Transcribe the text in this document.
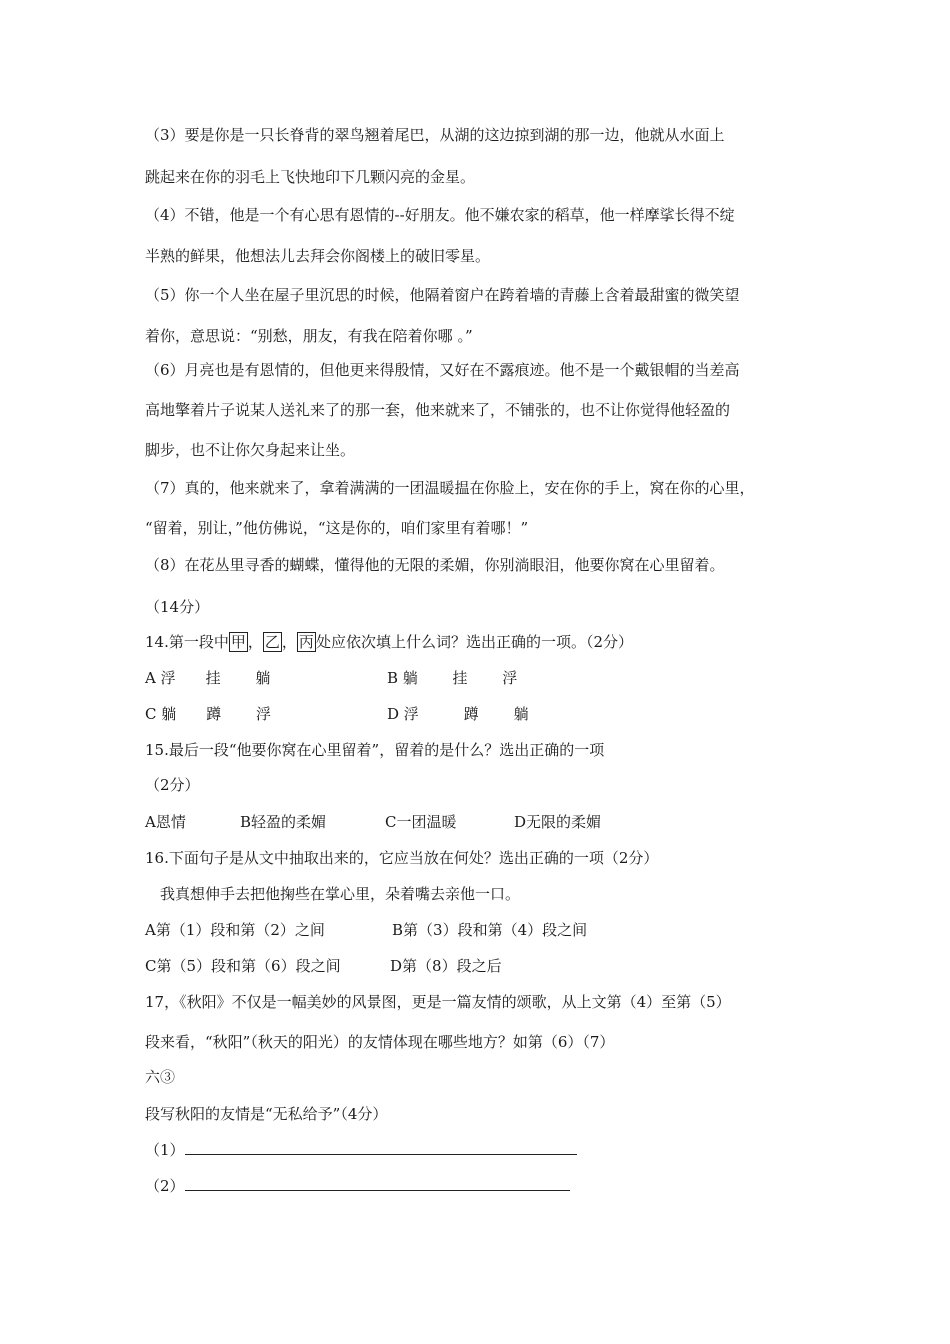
（3）要是你是一只长脊背的翠鸟翘着尾巴，从湖的这边掠到湖的那一边，他就从水面上
跳起来在你的羽毛上飞快地印下几颗闪亮的金星。
（4）不错，他是一个有心思有恩情的--好朋友。他不嫌农家的稻草，他一样摩挲长得不绽
半熟的鲜果，他想法儿去拜会你阁楼上的破旧零星。
（5）你一个人坐在屋子里沉思的时候，他隔着窗户在跨着墙的青藤上含着最甜蜜的微笑望
着你，意思说：“别愁，朋友，有我在陪着你哪 。”
（6）月亮也是有恩情的，但他更来得殷情，又好在不露痕迹。他不是一个戴银帽的当差高
高地擎着片子说某人送礼来了的那一套，他来就来了，不铺张的，也不让你觉得他轻盈的
脚步，也不让你欠身起来让坐。
（7）真的，他来就来了，拿着满满的一团温暖揾在你脸上，安在你的手上，窝在你的心里，
“留着，别让，”他仿佛说，“这是你的，咱们家里有着哪！”
（8）在花丛里寻香的蝴蝶，懂得他的无限的柔媚，你别淌眼泪，他要你窝在心里留着。
（14分）
14.第一段中 甲 ， 乙 ， 丙 处应依次填上什么词？选出正确的一项。（2分）
A 浮　　挂　　 躺	B 躺　　 挂　　 浮
C 躺　　蹲　　 浮	D 浮　　　蹲　　 躺
15.最后一段“他要你窝在心里留着”，留着的是什么？选出正确的一项
（2分）
A恩情	B轻盈的柔媚	C一团温暖	D无限的柔媚
16.下面句子是从文中抽取出来的，它应当放在何处？选出正确的一项（2分）
我真想伸手去把他掬些在掌心里，朵着嘴去亲他一口。
A第（1）段和第（2）之间	B第（3）段和第（4）段之间
C第（5）段和第（6）段之间	D第（8）段之后
17，《秋阳》不仅是一幅美妙的风景图，更是一篇友情的颂歌，从上文第（4）至第（5）
段来看，“秋阳”（秋天的阳光）的友情体现在哪些地方？如第（6）（7）
六③
段写秋阳的友情是“无私给予”（4分）
（1）
（2）
